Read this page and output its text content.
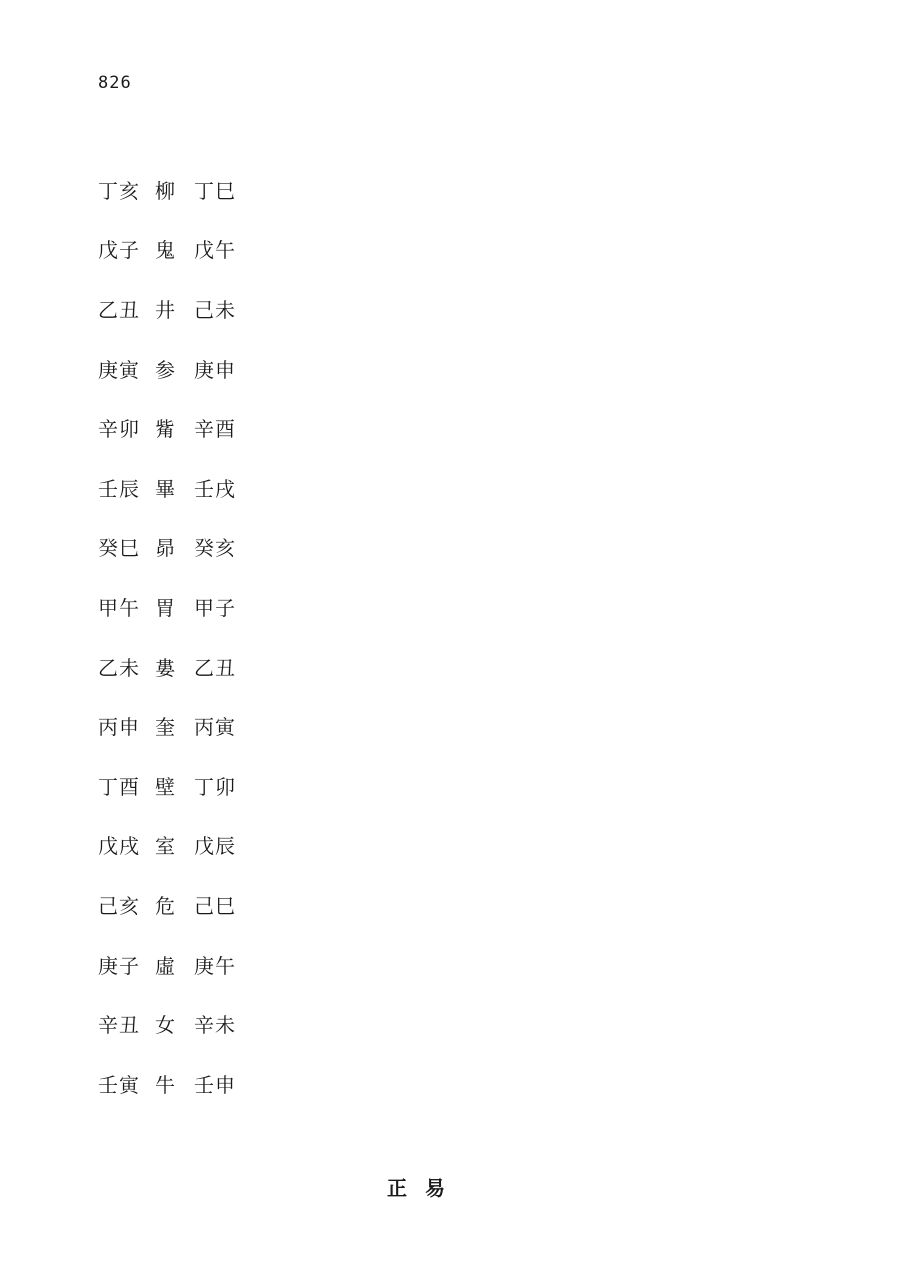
826
丁亥 柳 丁巳
戊子 鬼 戊午
乙丑 井 己未
庚寅 参 庚申
辛卯 觜 辛酉
壬辰 畢 壬戌
癸巳 昴 癸亥
甲午 胃 甲子
乙未 婁 乙丑
丙申 奎 丙寅
丁酉 壁 丁卯
戊戌 室 戊辰
己亥 危 己巳
庚子 虛 庚午
辛丑 女 辛未
壬寅 牛 壬申
正易
